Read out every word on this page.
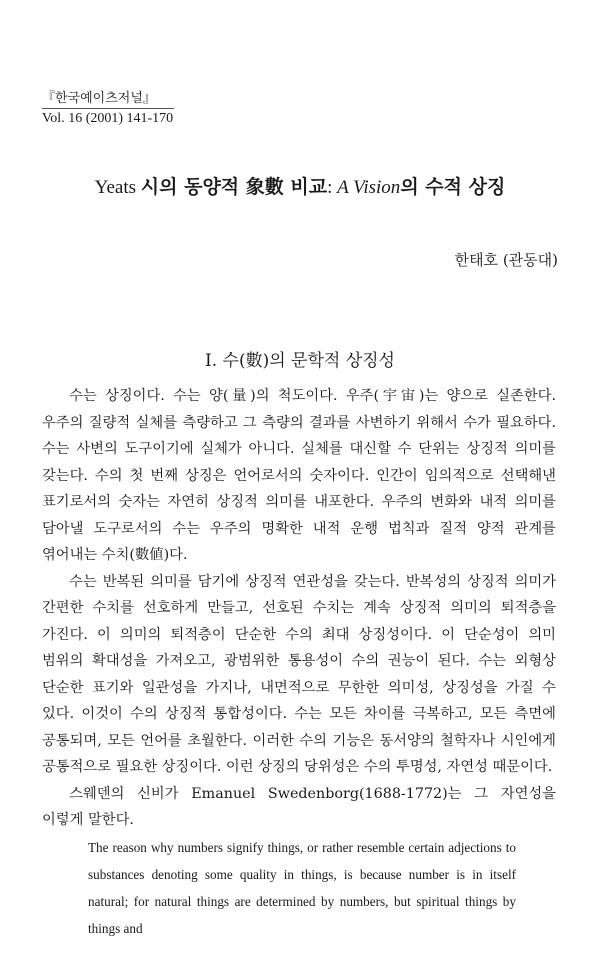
『한국예이츠저널』
Vol. 16 (2001) 141-170
Yeats 시의 동양적 象數 비교: A Vision의 수적 상징
한태호 (관동대)
I. 수(數)의 문학적 상징성

수는 상징이다. 수는 양(量)의 척도이다. 우주(宇宙)는 양으로 실존한다. 우주의 질량적 실체를 측량하고 그 측량의 결과를 사변하기 위해서 수가 필요하다. 수는 사변의 도구이기에 실체가 아니다. 실체를 대신할 수 단위는 상징적 의미를 갖는다. 수의 첫 번째 상징은 언어로서의 숫자이다. 인간이 임의적으로 선택해낸 표기로서의 숫자는 자연히 상징적 의미를 내포한다. 우주의 변화와 내적 의미를 담아낼 도구로서의 수는 우주의 명확한 내적 운행 법칙과 질적 양적 관계를 엮어내는 수치(數値)다.

수는 반복된 의미를 담기에 상징적 연관성을 갖는다. 반복성의 상징적 의미가 간편한 수치를 선호하게 만들고, 선호된 수치는 계속 상징적 의미의 퇴적층을 가진다. 이 의미의 퇴적층이 단순한 수의 최대 상징성이다. 이 단순성이 의미 범위의 확대성을 가져오고, 광범위한 통용성이 수의 권능이 된다. 수는 외형상 단순한 표기와 일관성을 가지나, 내면적으로 무한한 의미성, 상징성을 가질 수 있다. 이것이 수의 상징적 통합성이다. 수는 모든 차이를 극복하고, 모든 측면에 공통되며, 모든 언어를 초월한다. 이러한 수의 기능은 동서양의 철학자나 시인에게 공통적으로 필요한 상징이다. 이런 상징의 당위성은 수의 투명성, 자연성 때문이다.

스웨덴의 신비가 Emanuel Swedenborg(1688-1772)는 그 자연성을 이렇게 말한다.

The reason why numbers signify things, or rather resemble certain adjections to substances denoting some quality in things, is because number is in itself natural; for natural things are determined by numbers, but spiritual things by things and
